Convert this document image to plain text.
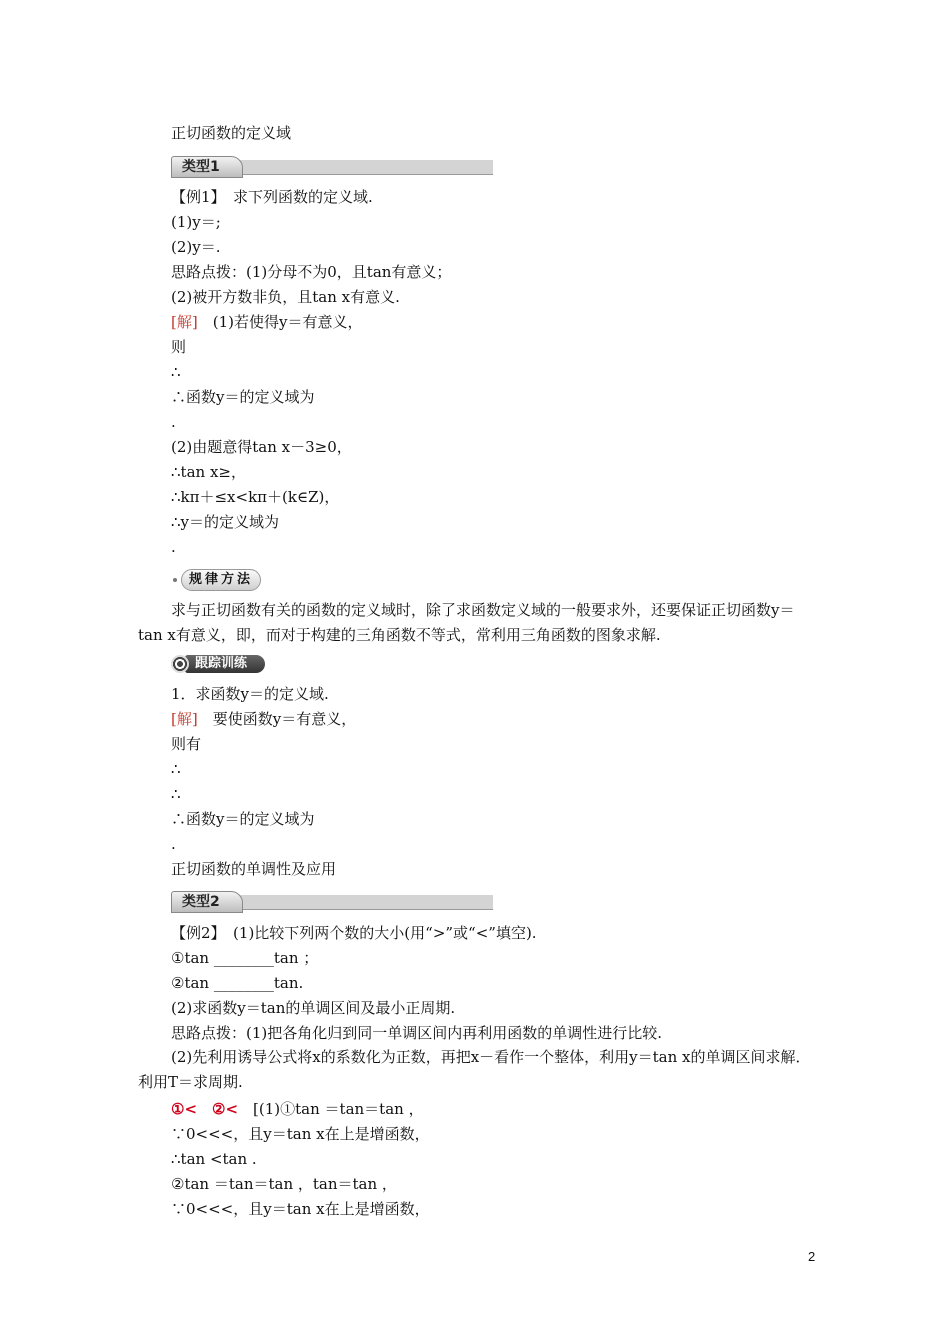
正切函数的定义域
类型1
【例1】　求下列函数的定义域.
(1)y＝;
(2)y＝.
思路点拨：(1)分母不为0，且tan有意义；
(2)被开方数非负，且tan x有意义.
[解]　(1)若使得y＝有意义，
则
∴
∴函数y＝的定义域为
.
(2)由题意得tan x－3≥0，
∴tan x≥，
∴kπ＋≤x<kπ＋(k∈Z)，
∴y＝的定义域为
.
规律方法
求与正切函数有关的函数的定义域时，除了求函数定义域的一般要求外，还要保证正切函数y＝tan x有意义，即，而对于构建的三角函数不等式，常利用三角函数的图象求解.
跟踪训练
1．求函数y＝的定义域.
[解]　要使函数y＝有意义，
则有
∴
∴
∴函数y＝的定义域为
.
正切函数的单调性及应用
类型2
【例2】　(1)比较下列两个数的大小(用“>”或“<”填空).
①tan ________tan ；
②tan ________tan.
(2)求函数y＝tan的单调区间及最小正周期.
思路点拨：(1)把各角化归到同一单调区间内再利用函数的单调性进行比较.
(2)先利用诱导公式将x的系数化为正数，再把x－看作一个整体，利用y＝tan x的单调区间求解．利用T＝求周期.
①<　②<　[(1)①tan ＝tan＝tan ，
∵0<<<，且y＝tan x在上是增函数，
∴tan <tan .
②tan ＝tan＝tan ，tan＝tan ，
∵0<<<，且y＝tan x在上是增函数，
2
